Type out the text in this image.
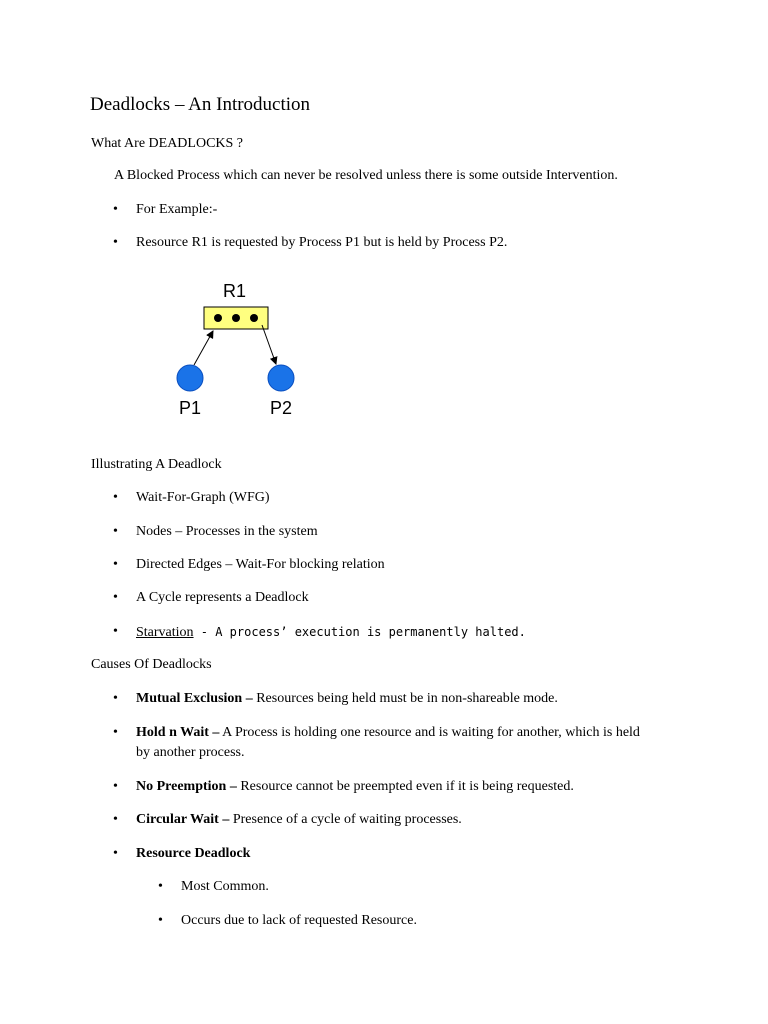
Deadlocks – An Introduction
What Are DEADLOCKS ?
A Blocked Process which can never be resolved unless there is some outside Intervention.
• For Example:-
• Resource R1 is requested by Process P1 but is held by Process P2.
R1
P1	P2
Illustrating A Deadlock
• Wait-For-Graph (WFG)
• Nodes – Processes in the system
• Directed Edges – Wait-For blocking relation
• A Cycle represents a Deadlock
• Starvation - A process’ execution is permanently halted.
Causes Of Deadlocks
• Mutual Exclusion – Resources being held must be in non-shareable mode.
• Hold n Wait – A Process is holding one resource and is waiting for another, which is held by another process.
• No Preemption – Resource cannot be preempted even if it is being requested.
• Circular Wait – Presence of a cycle of waiting processes.
• Resource Deadlock
• Most Common.
• Occurs due to lack of requested Resource.
